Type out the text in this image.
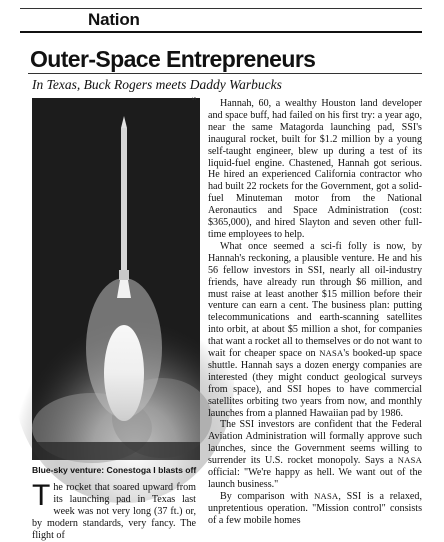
Nation
Outer-Space Entrepreneurs
In Texas, Buck Rogers meets Daddy Warbucks
S
Blue-sky venture: Conestoga I blasts off

The rocket that soared upward from its launching pad in Texas last week was not very long (37 ft.) or, by modern standards, very fancy. The flight of

Hannah, 60, a wealthy Houston land developer and space buff, had failed on his first try: a year ago, near the same Matagorda launching pad, SSI's inaugural rocket, built for $1.2 million by a young self-taught engineer, blew up during a test of its liquid-fuel engine. Chastened, Hannah got serious. He hired an experienced California contractor who had built 22 rockets for the Government, got a solid-fuel Minuteman motor from the National Aeronautics and Space Administration (cost: $365,000), and hired Slayton and seven other full-time employees to help.

What once seemed a sci-fi folly is now, by Hannah's reckoning, a plausible venture. He and his 56 fellow investors in SSI, nearly all oil-industry friends, have already run through $6 million, and must raise at least another $15 million before their venture can earn a cent. The business plan: putting telecommunications and earth-scanning satellites into orbit, at about $5 million a shot, for companies that want a rocket all to themselves or do not want to wait for cheaper space on NASA's booked-up space shuttle. Hannah says a dozen energy companies are interested (they might conduct geological surveys from space), and SSI hopes to have commercial satellites orbiting two years from now, and monthly launches from a planned Hawaiian pad by 1986.

The SSI investors are confident that the Federal Aviation Administration will formally approve such launches, since the Government seems willing to surrender its U.S. rocket monopoly. Says a NASA official: "We're happy as hell. We want out of the launch business."

By comparison with NASA, SSI is a relaxed, unpretentious operation. "Mission control" consists of a few mobile homes
